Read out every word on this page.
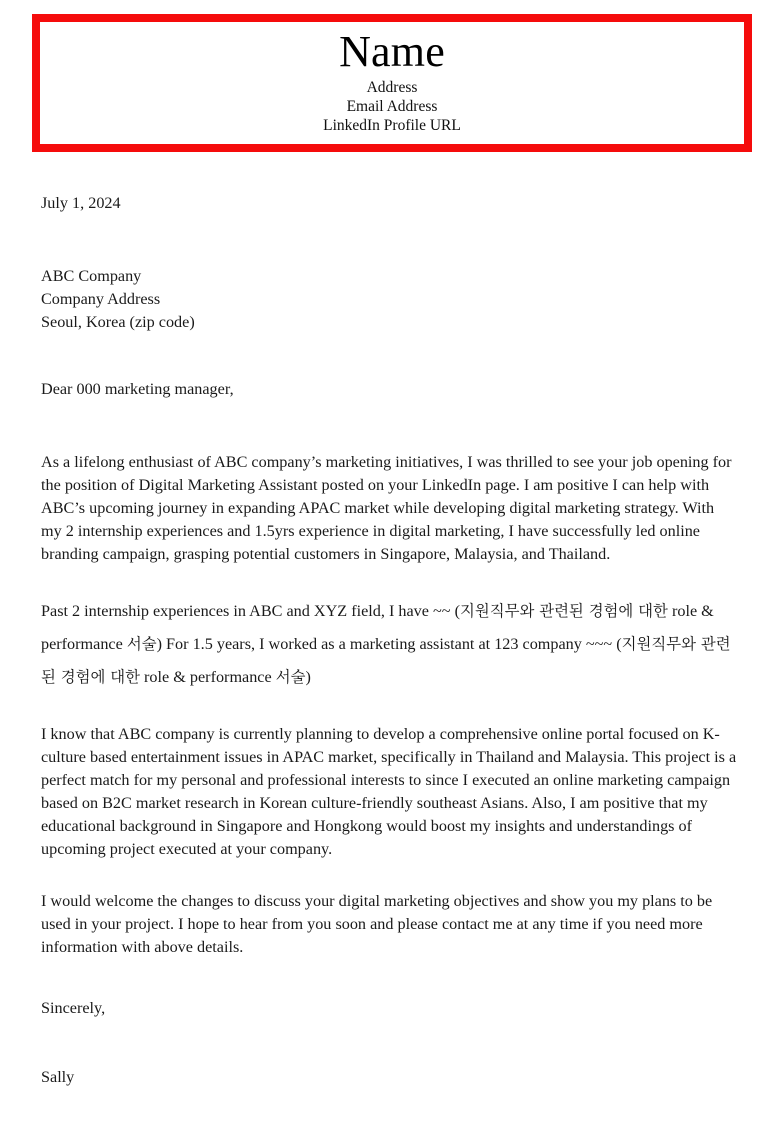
Name
Address
Email Address
LinkedIn Profile URL
July 1, 2024
ABC Company
Company Address
Seoul, Korea (zip code)
Dear 000 marketing manager,
As a lifelong enthusiast of ABC company’s marketing initiatives, I was thrilled to see your job opening for the position of Digital Marketing Assistant posted on your LinkedIn page. I am positive I can help with ABC’s upcoming journey in expanding APAC market while developing digital marketing strategy. With my 2 internship experiences and 1.5yrs experience in digital marketing, I have successfully led online branding campaign, grasping potential customers in Singapore, Malaysia, and Thailand.
Past 2 internship experiences in ABC and XYZ field, I have ~~ (지원직무와 관련된 경험에 대한 role & performance 서술) For 1.5 years, I worked as a marketing assistant at 123 company ~~~ (지원직무와 관련된 경험에 대한 role & performance 서술)
I know that ABC company is currently planning to develop a comprehensive online portal focused on K-culture based entertainment issues in APAC market, specifically in Thailand and Malaysia. This project is a perfect match for my personal and professional interests to since I executed an online marketing campaign based on B2C market research in Korean culture-friendly southeast Asians. Also, I am positive that my educational background in Singapore and Hongkong would boost my insights and understandings of upcoming project executed at your company.
I would welcome the changes to discuss your digital marketing objectives and show you my plans to be used in your project. I hope to hear from you soon and please contact me at any time if you need more information with above details.
Sincerely,
Sally
